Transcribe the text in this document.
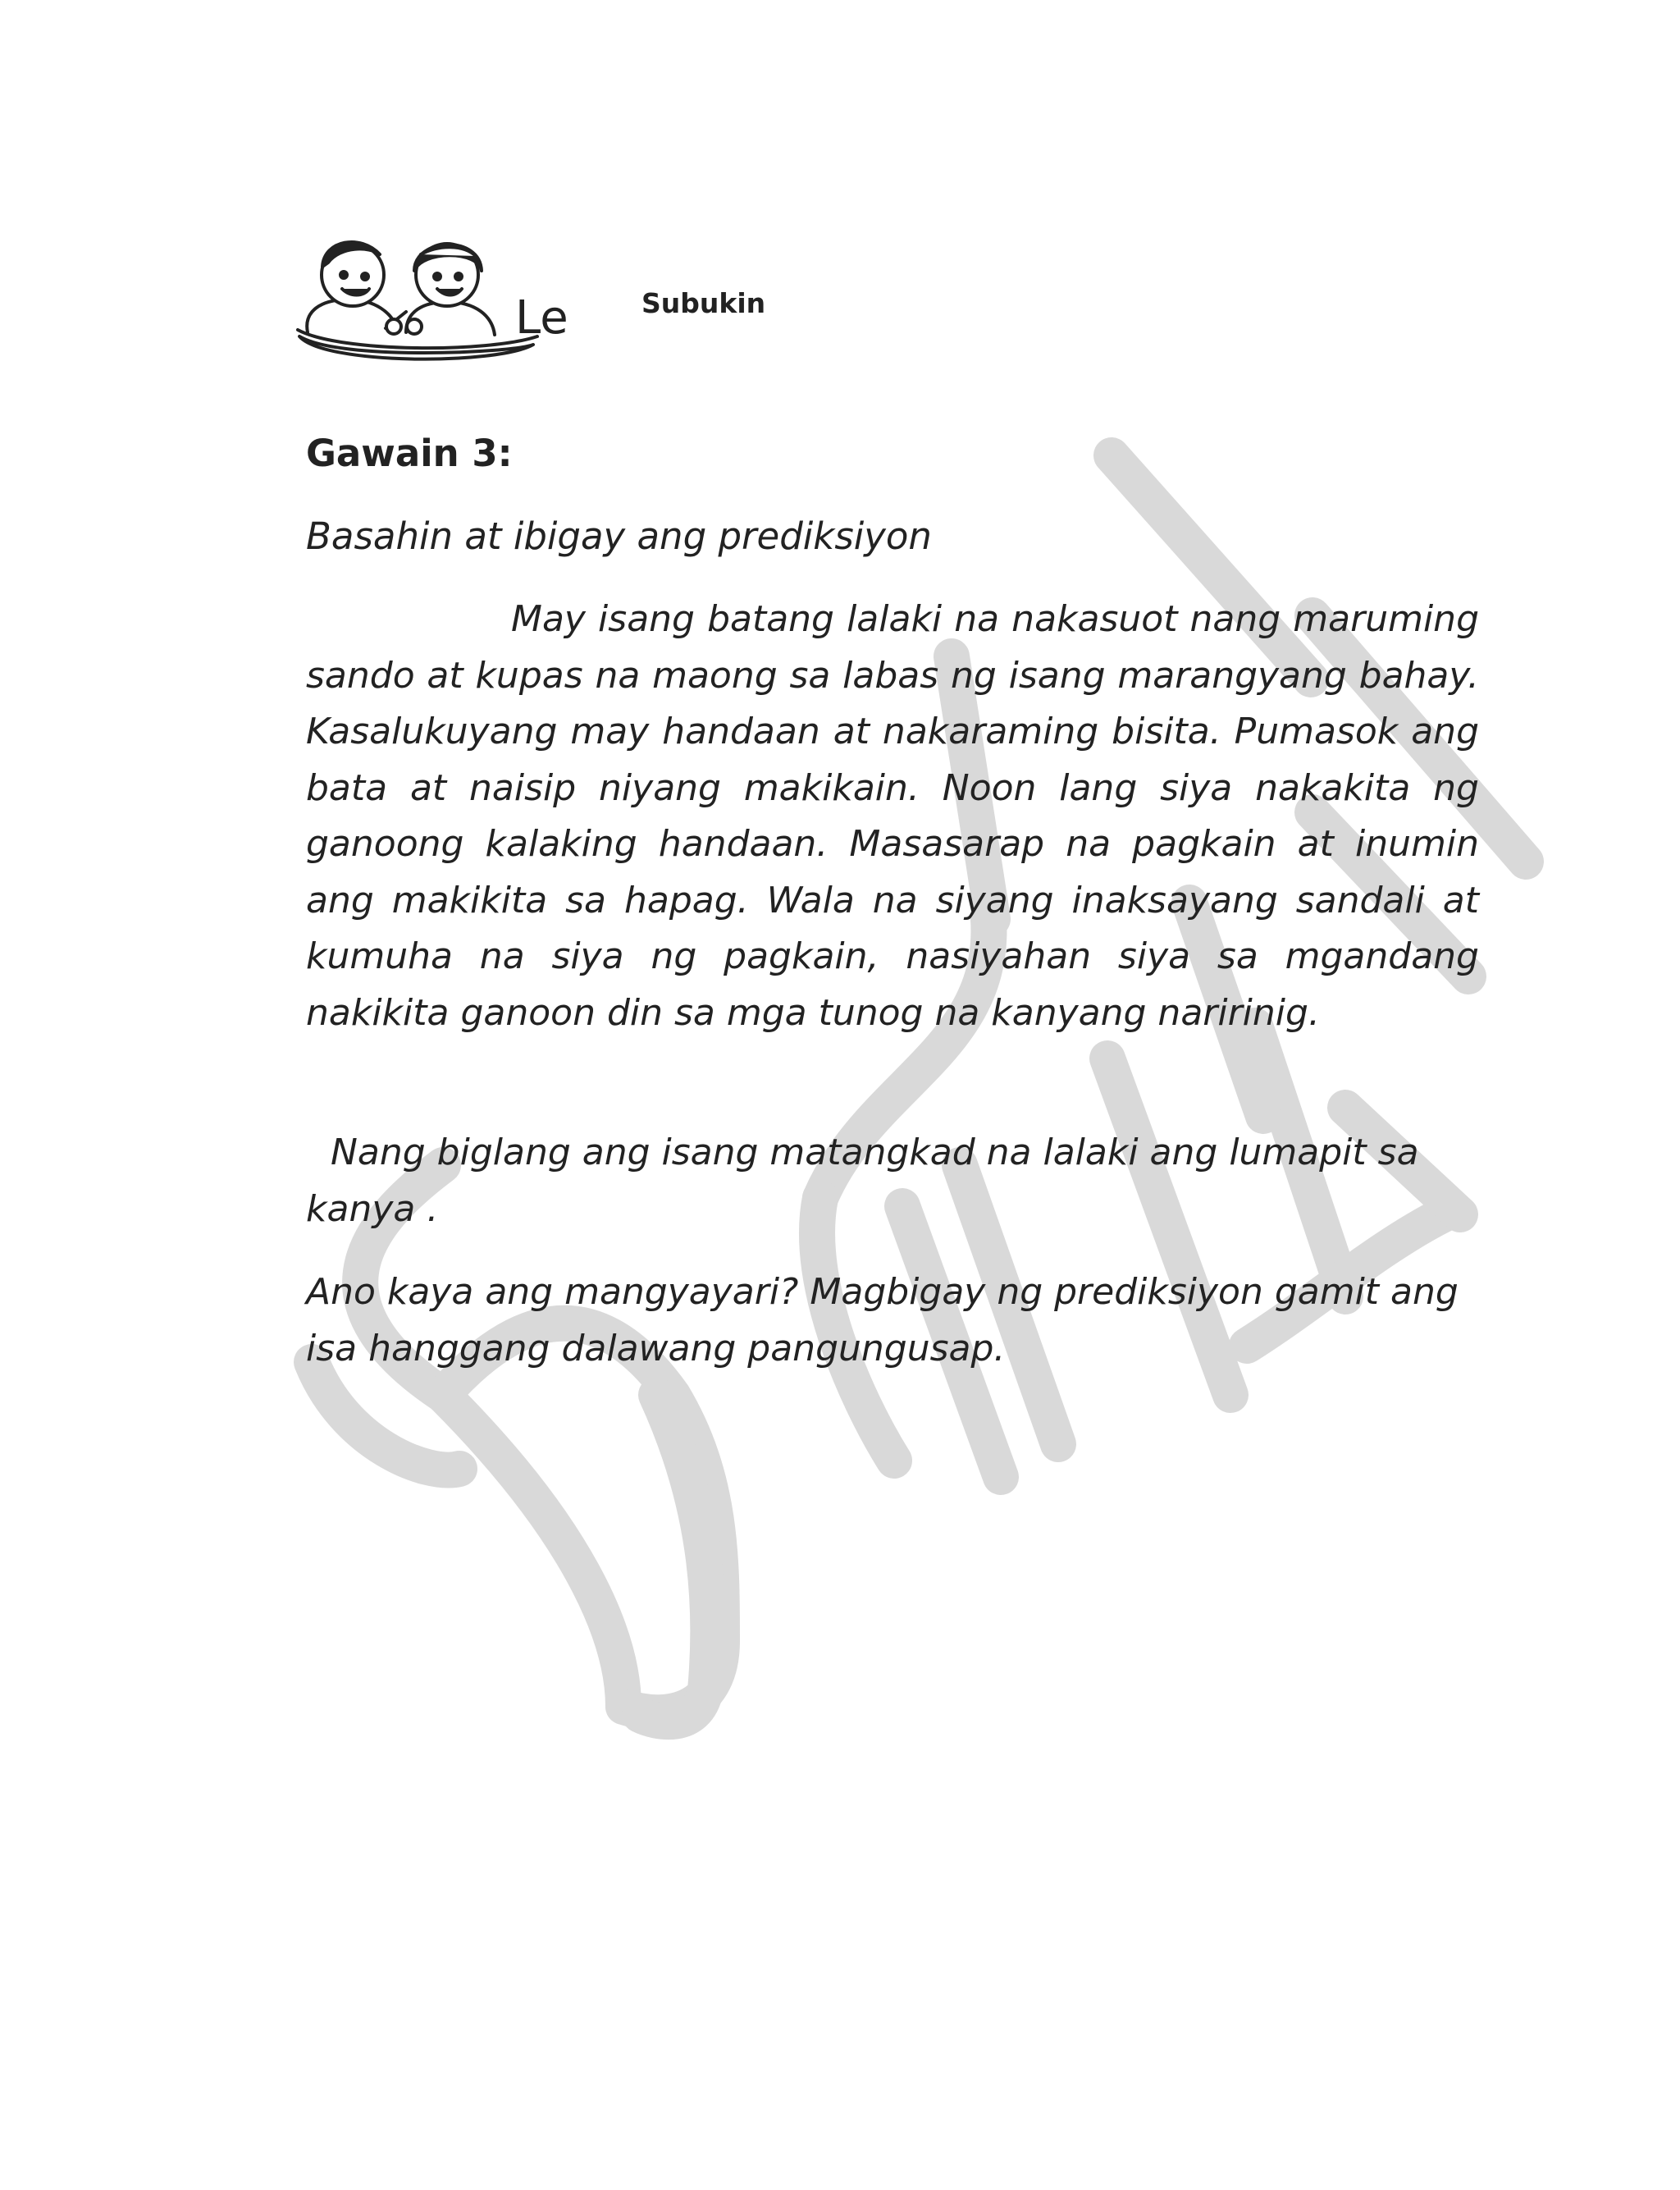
Le	Subukin
Gawain 3:
Basahin at ibigay ang prediksiyon

May isang batang lalaki na nakasuot nang maruming sando at kupas na maong sa labas ng isang marangyang bahay. Kasalukuyang may handaan at nakaraming bisita. Pumasok ang bata at naisip niyang makikain. Noon lang siya nakakita ng ganoong kalaking handaan. Masasarap na pagkain at inumin ang makikita sa hapag. Wala na siyang inaksayang sandali at kumuha na siya ng pagkain, nasiyahan siya sa mgandang nakikita ganoon din sa mga tunog na kanyang naririnig.

Nang biglang ang isang matangkad na lalaki ang lumapit sa kanya .

Ano kaya ang mangyayari? Magbigay ng prediksiyon gamit ang isa hanggang dalawang pangungusap.
